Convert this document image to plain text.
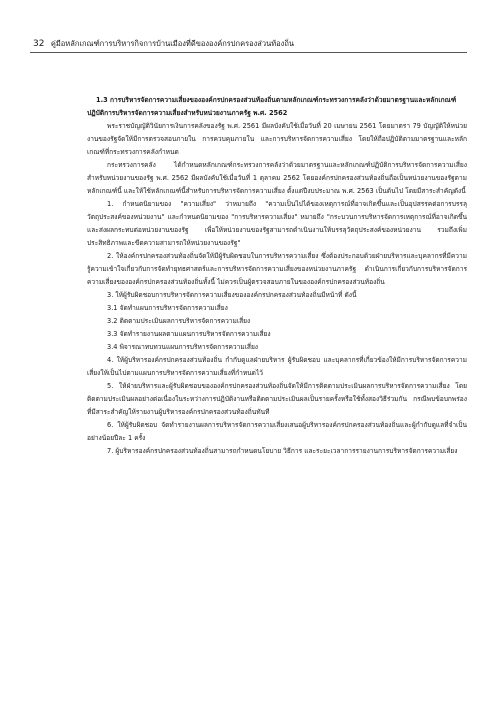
32 คู่มือหลักเกณฑ์การบริหารกิจการบ้านเมืองที่ดีขององค์กรปกครองส่วนท้องถิ่น

1.3 การบริหารจัดการความเสี่ยงขององค์กรปกครองส่วนท้องถิ่นตามหลักเกณฑ์กระทรวงการคลังว่าด้วยมาตรฐานและหลักเกณฑ์ปฏิบัติการบริหารจัดการความเสี่ยงสำหรับหน่วยงานภาครัฐ พ.ศ. 2562

พระราชบัญญัติวินัยการเงินการคลังของรัฐ พ.ศ. 2561 มีผลบังคับใช้เมื่อวันที่ 20 เมษายน 2561 โดยมาตรา 79 บัญญัติให้หน่วยงานของรัฐจัดให้มีการตรวจสอบภายใน การควบคุมภายใน และการบริหารจัดการความเสี่ยง โดยให้ถือปฏิบัติตามมาตรฐานและหลักเกณฑ์ที่กระทรวงการคลังกำหนด

กระทรวงการคลัง ได้กำหนดหลักเกณฑ์กระทรวงการคลังว่าด้วยมาตรฐานและหลักเกณฑ์ปฏิบัติการบริหารจัดการความเสี่ยงสำหรับหน่วยงานของรัฐ พ.ศ. 2562 มีผลบังคับใช้เมื่อวันที่ 1 ตุลาคม 2562 โดยองค์กรปกครองส่วนท้องถิ่นถือเป็นหน่วยงานของรัฐตามหลักเกณฑ์นี้ และให้ใช้หลักเกณฑ์นี้สำหรับการบริหารจัดการความเสี่ยง ตั้งแต่ปีงบประมาณ พ.ศ. 2563 เป็นต้นไป โดยมีสาระสำคัญดังนี้

1. กำหนดนิยามของ "ความเสี่ยง" ว่าหมายถึง "ความเป็นไปได้ของเหตุการณ์ที่อาจเกิดขึ้นและเป็นอุปสรรคต่อการบรรลุวัตถุประสงค์ของหน่วยงาน" และกำหนดนิยามของ "การบริหารความเสี่ยง" หมายถึง "กระบวนการบริหารจัดการเหตุการณ์ที่อาจเกิดขึ้นและส่งผลกระทบต่อหน่วยงานของรัฐ เพื่อให้หน่วยงานของรัฐสามารถดำเนินงานให้บรรลุวัตถุประสงค์ของหน่วยงาน รวมถึงเพิ่มประสิทธิภาพและขีดความสามารถให้หน่วยงานของรัฐ"

2. ให้องค์กรปกครองส่วนท้องถิ่นจัดให้มีผู้รับผิดชอบในการบริหารความเสี่ยง ซึ่งต้องประกอบด้วยฝ่ายบริหารและบุคลากรที่มีความรู้ความเข้าใจเกี่ยวกับการจัดทำยุทธศาสตร์และการบริหารจัดการความเสี่ยงของหน่วยงานภาครัฐ ดำเนินการเกี่ยวกับการบริหารจัดการความเสี่ยงขององค์กรปกครองส่วนท้องถิ่นทั้งนี้ ไม่ควรเป็นผู้ตรวจสอบภายในขององค์กรปกครองส่วนท้องถิ่น

3. ให้ผู้รับผิดชอบการบริหารจัดการความเสี่ยงขององค์กรปกครองส่วนท้องถิ่นมีหน้าที่ ดังนี้

3.1 จัดทำแผนการบริหารจัดการความเสี่ยง

3.2 ติดตามประเมินผลการบริหารจัดการความเสี่ยง

3.3 จัดทำรายงานผลตามแผนการบริหารจัดการความเสี่ยง

3.4 พิจารณาทบทวนแผนการบริหารจัดการความเสี่ยง

4. ให้ผู้บริหารองค์กรปกครองส่วนท้องถิ่น กำกับดูแลฝ่ายบริหาร ผู้รับผิดชอบ และบุคลากรที่เกี่ยวข้องให้มีการบริหารจัดการความเสี่ยงให้เป็นไปตามแผนการบริหารจัดการความเสี่ยงที่กำหนดไว้

5. ให้ฝ่ายบริหารและผู้รับผิดชอบขององค์กรปกครองส่วนท้องถิ่นจัดให้มีการติดตามประเมินผลการบริหารจัดการความเสี่ยง โดยติดตามประเมินผลอย่างต่อเนื่องในระหว่างการปฏิบัติงานหรือติดตามประเมินผลเป็นรายครั้งหรือใช้ทั้งสองวิธีร่วมกัน กรณีพบข้อบกพร่องที่มีสาระสำคัญให้รายงานผู้บริหารองค์กรปกครองส่วนท้องถิ่นทันที

6. ให้ผู้รับผิดชอบ จัดทำรายงานผลการบริหารจัดการความเสี่ยงเสนอผู้บริหารองค์กรปกครองส่วนท้องถิ่นและผู้กำกับดูแลที่จำเป็นอย่างน้อยปีละ 1 ครั้ง

7. ผู้บริหารองค์กรปกครองส่วนท้องถิ่นสามารถกำหนดนโยบาย วิธีการ และระยะเวลาการรายงานการบริหารจัดการความเสี่ยง
